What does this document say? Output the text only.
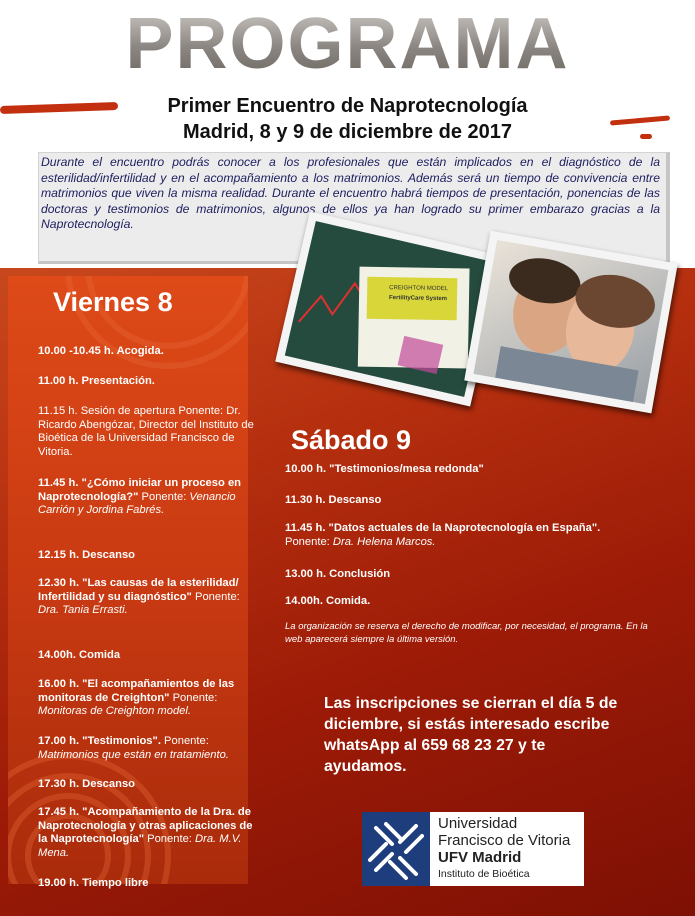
PROGRAMA
Primer Encuentro de Naprotecnología
Madrid, 8 y 9 de diciembre de 2017

Durante el encuentro podrás conocer a los profesionales que están implicados en el diagnóstico de la esterilidad/infertilidad y en el acompañamiento a los matrimonios. Además será un tiempo de convivencia entre matrimonios que viven la misma realidad. Durante el encuentro habrá tiempos de presentación, ponencias de las doctoras y testimonios de matrimonios, algunos de ellos ya han logrado su primer embarazo gracias a la Naprotecnología.

Viernes 8
10.00 -10.45 h. Acogida.
11.00 h. Presentación.
11.15 h. Sesión de apertura Ponente: Dr. Ricardo Abengózar, Director del Instituto de Bioética de la Universidad Francisco de Vitoria.
11.45 h. "¿Cómo iniciar un proceso en Naprotecnología?" Ponente: Venancio Carrión y Jordina Fabrés.
12.15 h. Descanso
12.30 h. "Las causas de la esterilidad/ Infertilidad y su diagnóstico" Ponente: Dra. Tania Errasti.
14.00h. Comida
16.00 h. "El acompañamientos de las monitoras de Creighton" Ponente: Monitoras de Creighton model.
17.00 h. "Testimonios". Ponente: Matrimonios que están en tratamiento.
17.30 h. Descanso
17.45 h. "Acompañamiento de la Dra. de Naprotecnología y otras aplicaciones de la Naprotecnología" Ponente: Dra. M.V. Mena.
19.00 h. Tiempo libre
CREIGHTON MODEL
FertilityCare System
Sábado 9
10.00 h. "Testimonios/mesa redonda"
11.30 h. Descanso
11.45 h. "Datos actuales de la Naprotecnología en España". Ponente: Dra. Helena Marcos.
13.00 h. Conclusión
14.00h. Comida.
La organización se reserva el derecho de modificar, por necesidad, el programa. En la web aparecerá siempre la última versión.
Las inscripciones se cierran el día 5 de diciembre, si estás interesado escribe whatsApp al 659 68 23 27 y te ayudamos.
Universidad
Francisco de Vitoria
UFV Madrid
Instituto de Bioética
